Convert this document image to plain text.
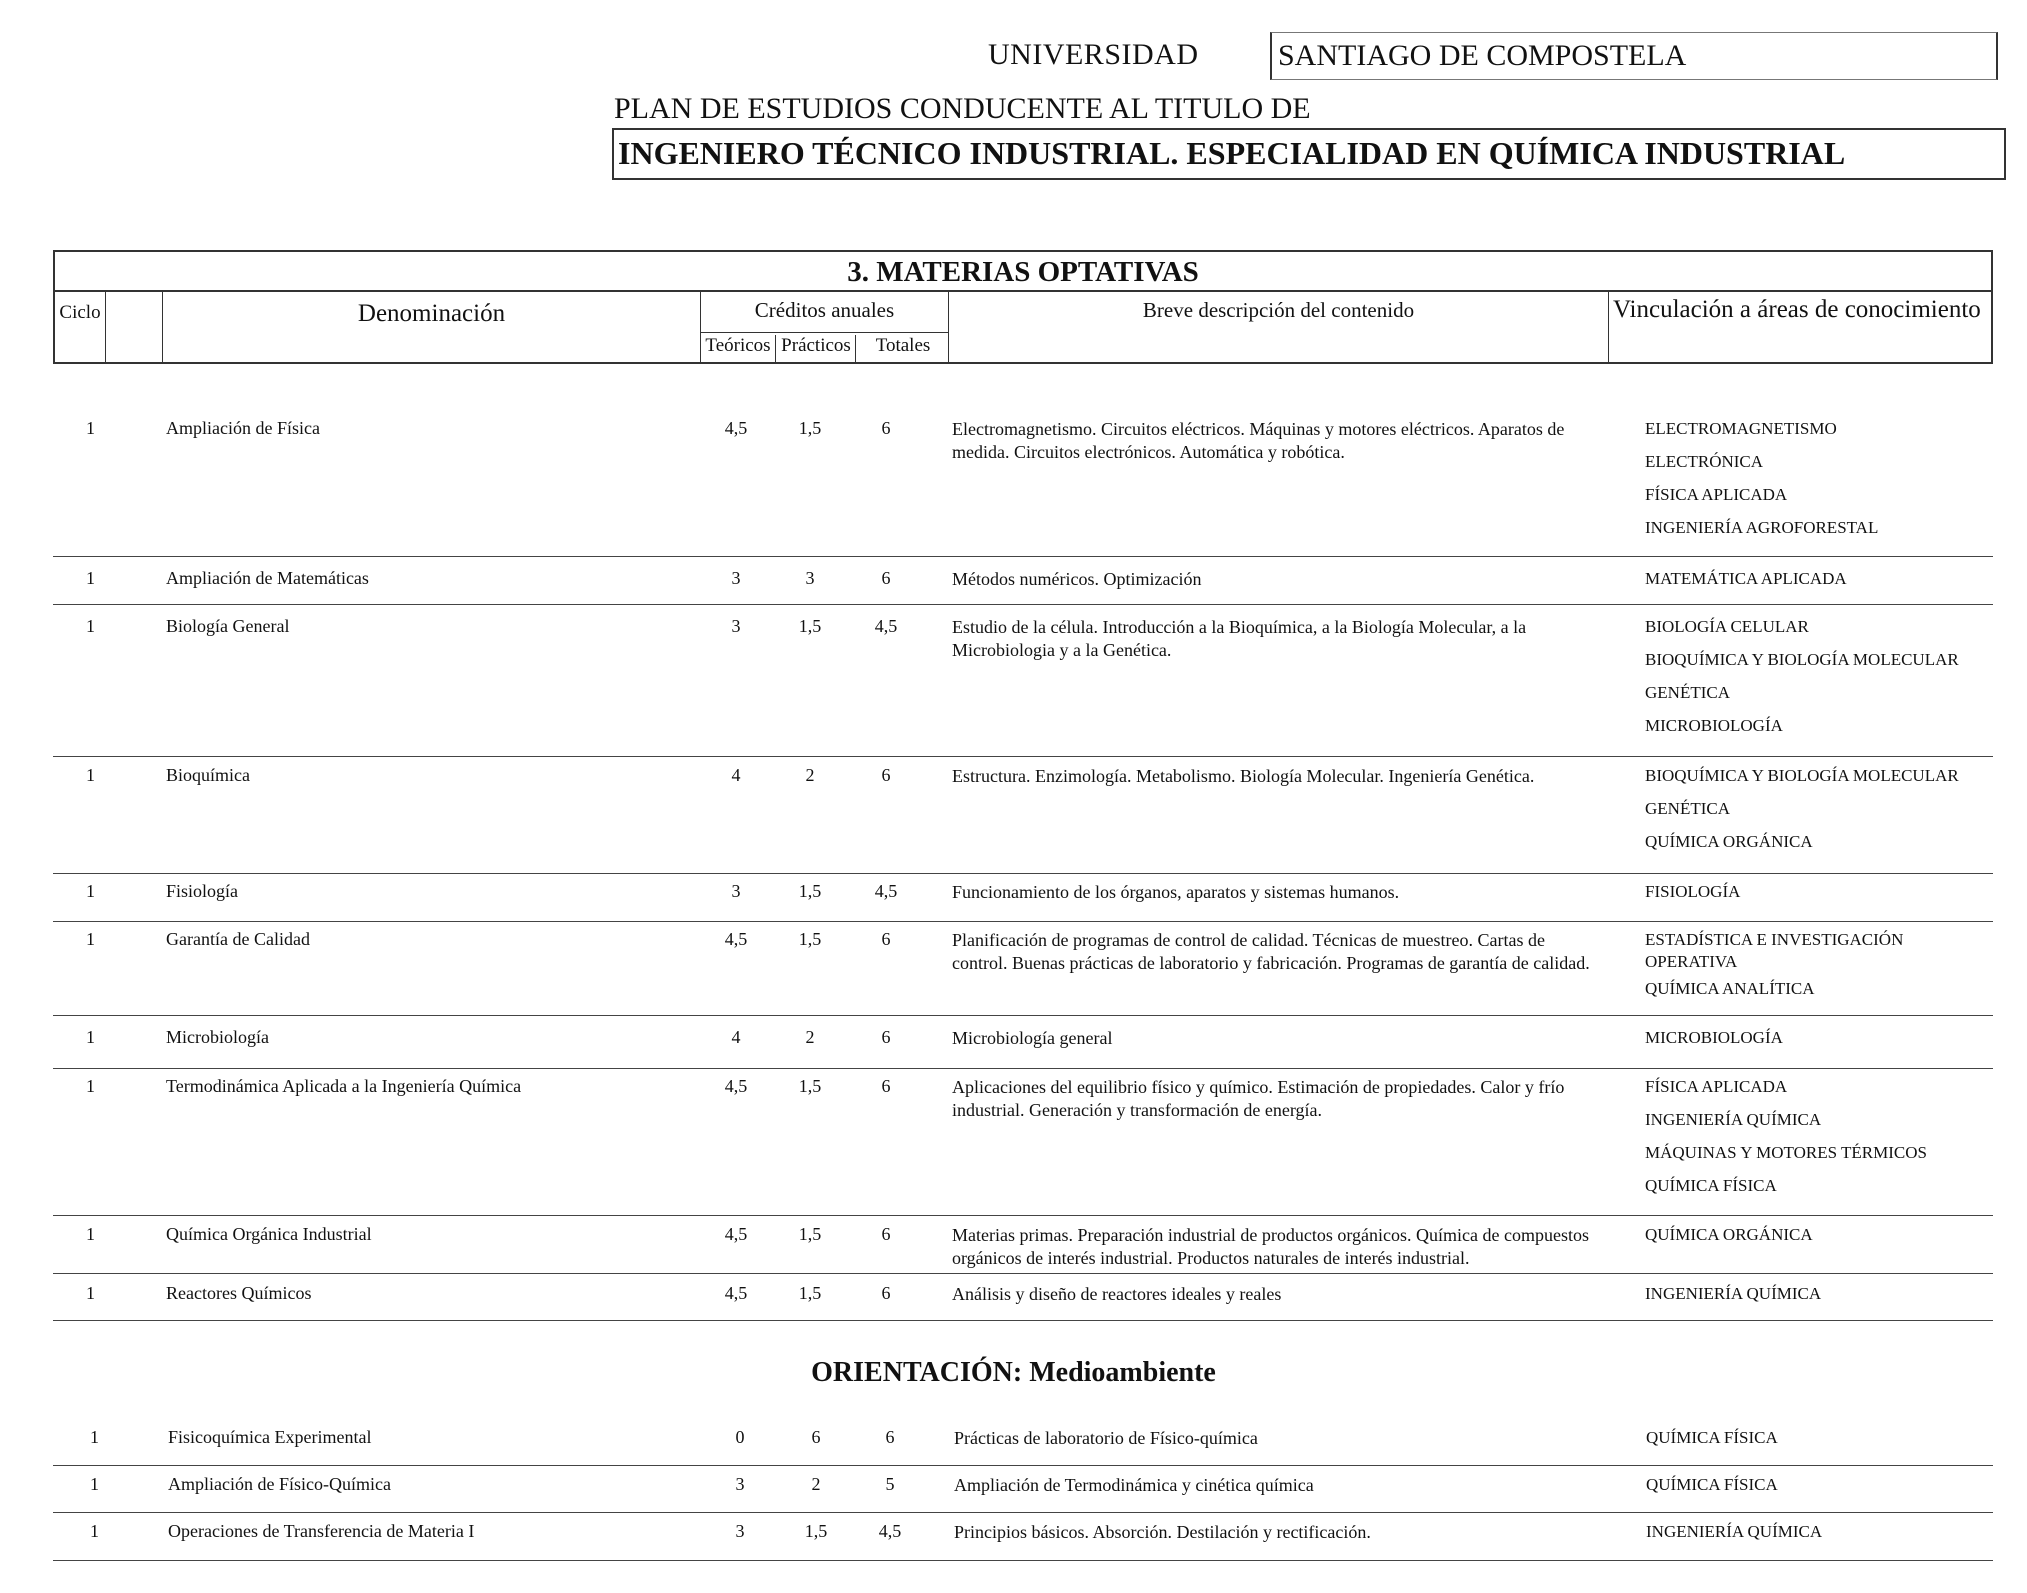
UNIVERSIDAD	SANTIAGO DE COMPOSTELA
PLAN DE ESTUDIOS CONDUCENTE AL TITULO DE
INGENIERO TÉCNICO INDUSTRIAL. ESPECIALIDAD EN QUÍMICA INDUSTRIAL
3. MATERIAS OPTATIVAS
Ciclo	Denominación	Créditos anuales
Teóricos Prácticos	Totales
Breve descripción del contenido	Vinculación a áreas de conocimiento
1	Ampliación de Física	4,5	1,5	6	Electromagnetismo. Circuitos eléctricos. Máquinas y motores eléctricos. Aparatos de medida. Circuitos electrónicos. Automática y robótica.
ELECTROMAGNETISMO
ELECTRÓNICA
FÍSICA APLICADA
INGENIERÍA AGROFORESTAL
1	Ampliación de Matemáticas	3	3	6	Métodos numéricos. Optimización	MATEMÁTICA APLICADA
1	Biología General	3	1,5	4,5	Estudio de la célula. Introducción a la Bioquímica, a la Biología Molecular, a la Microbiologia y a la Genética.
BIOLOGÍA CELULAR
BIOQUÍMICA Y BIOLOGÍA MOLECULAR
GENÉTICA
MICROBIOLOGÍA
1	Bioquímica	4	2	6	Estructura. Enzimología. Metabolismo. Biología Molecular. Ingeniería Genética.	BIOQUÍMICA Y BIOLOGÍA MOLECULAR
GENÉTICA
QUÍMICA ORGÁNICA
1	Fisiología	3	1,5	4,5	Funcionamiento de los órganos, aparatos y sistemas humanos.	FISIOLOGÍA
1	Garantía de Calidad	4,5	1,5	6	Planificación de programas de control de calidad. Técnicas de muestreo. Cartas de control. Buenas prácticas de laboratorio y fabricación. Programas de garantía de calidad.
ESTADÍSTICA E INVESTIGACIÓN OPERATIVA
QUÍMICA ANALÍTICA
1	Microbiología	4	2	6	Microbiología general	MICROBIOLOGÍA
1	Termodinámica Aplicada a la Ingeniería Química	4,5	1,5	6	Aplicaciones del equilibrio físico y químico. Estimación de propiedades. Calor y frío industrial. Generación y transformación de energía.
FÍSICA APLICADA
INGENIERÍA QUÍMICA
MÁQUINAS Y MOTORES TÉRMICOS
QUÍMICA FÍSICA
1	Química Orgánica Industrial	4,5	1,5	6	Materias primas. Preparación industrial de productos orgánicos. Química de compuestos orgánicos de interés industrial. Productos naturales de interés industrial.
QUÍMICA ORGÁNICA
1	Reactores Químicos	4,5	1,5	6	Análisis y diseño de reactores ideales y reales	INGENIERÍA QUÍMICA
ORIENTACIÓN: Medioambiente
1	Fisicoquímica Experimental	0	6	6	Prácticas de laboratorio de Físico-química	QUÍMICA FÍSICA
1	Ampliación de Físico-Química	3	2	5	Ampliación de Termodinámica y cinética química	QUÍMICA FÍSICA
1	Operaciones de Transferencia de Materia I	3	1,5	4,5	Principios básicos. Absorción. Destilación y rectificación.	INGENIERÍA QUÍMICA
